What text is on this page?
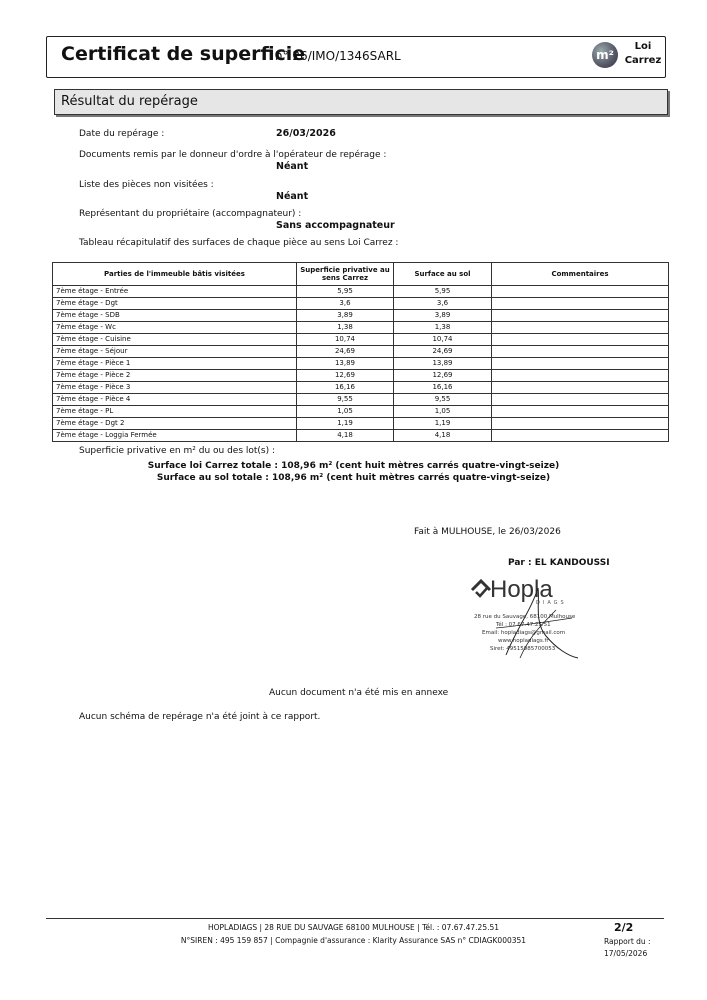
Certificat de superficie
n° 26/IMO/1346SARL	m²
Loi
Carrez
Résultat du repérage
Date du repérage :	26/03/2026
Documents remis par le donneur d'ordre à l'opérateur de repérage :
Néant
Liste des pièces non visitées :
Néant
Représentant du propriétaire (accompagnateur) :
Sans accompagnateur
Tableau récapitulatif des surfaces de chaque pièce au sens Loi Carrez :
Parties de l'immeuble bâtis visitées	Superficie privative au sens Carrez	Surface au sol	Commentaires
7ème étage - Entrée	5,95	5,95	
7ème étage - Dgt	3,6	3,6	
7ème étage - SDB	3,89	3,89	
7ème étage - Wc	1,38	1,38	
7ème étage - Cuisine	10,74	10,74	
7ème étage - Séjour	24,69	24,69	
7ème étage - Pièce 1	13,89	13,89	
7ème étage - Pièce 2	12,69	12,69	
7ème étage - Pièce 3	16,16	16,16	
7ème étage - Pièce 4	9,55	9,55	
7ème étage - PL	1,05	1,05	
7ème étage - Dgt 2	1,19	1,19	
7ème étage - Loggia Fermée	4,18	4,18	
Superficie privative en m² du ou des lot(s) :
Surface loi Carrez totale : 108,96 m² (cent huit mètres carrés quatre-vingt-seize)
Surface au sol totale : 108,96 m² (cent huit mètres carrés quatre-vingt-seize)
Fait à MULHOUSE, le 26/03/2026
Par : EL KANDOUSSI
Hopla
DIAGS
28 rue du Sauvage, 68100 Mulhouse
Tél : 07.67.47.25.51
Email: hopladiags@gmail.com
www.hopladiags.fr
Siret: 49515985700053
Aucun document n'a été mis en annexe
Aucun schéma de repérage n'a été joint à ce rapport.
HOPLADIAGS | 28 RUE DU SAUVAGE 68100 MULHOUSE | Tél. : 07.67.47.25.51
N°SIREN : 495 159 857 | Compagnie d'assurance : Klarity Assurance SAS n° CDIAGK000351
2/2
Rapport du :
17/05/2026
